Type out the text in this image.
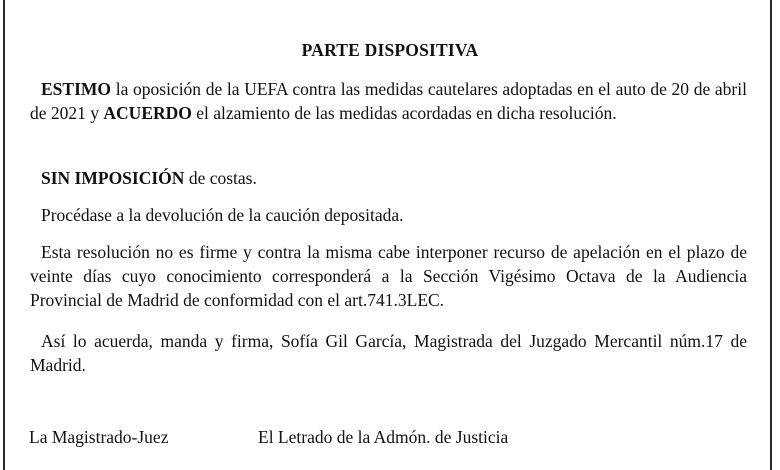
PARTE DISPOSITIVA
ESTIMO la oposición de la UEFA contra las medidas cautelares adoptadas en el auto de 20 de abril de 2021 y ACUERDO el alzamiento de las medidas acordadas en dicha resolución.
SIN IMPOSICIÓN de costas.
Procédase a la devolución de la caución depositada.
Esta resolución no es firme y contra la misma cabe interponer recurso de apelación en el plazo de veinte días cuyo conocimiento corresponderá a la Sección Vigésimo Octava de la Audiencia Provincial de Madrid de conformidad con el art.741.3LEC.
Así lo acuerda, manda y firma, Sofía Gil García, Magistrada del Juzgado Mercantil núm.17 de Madrid.
La Magistrado-Juez	El Letrado de la Admón. de Justicia
